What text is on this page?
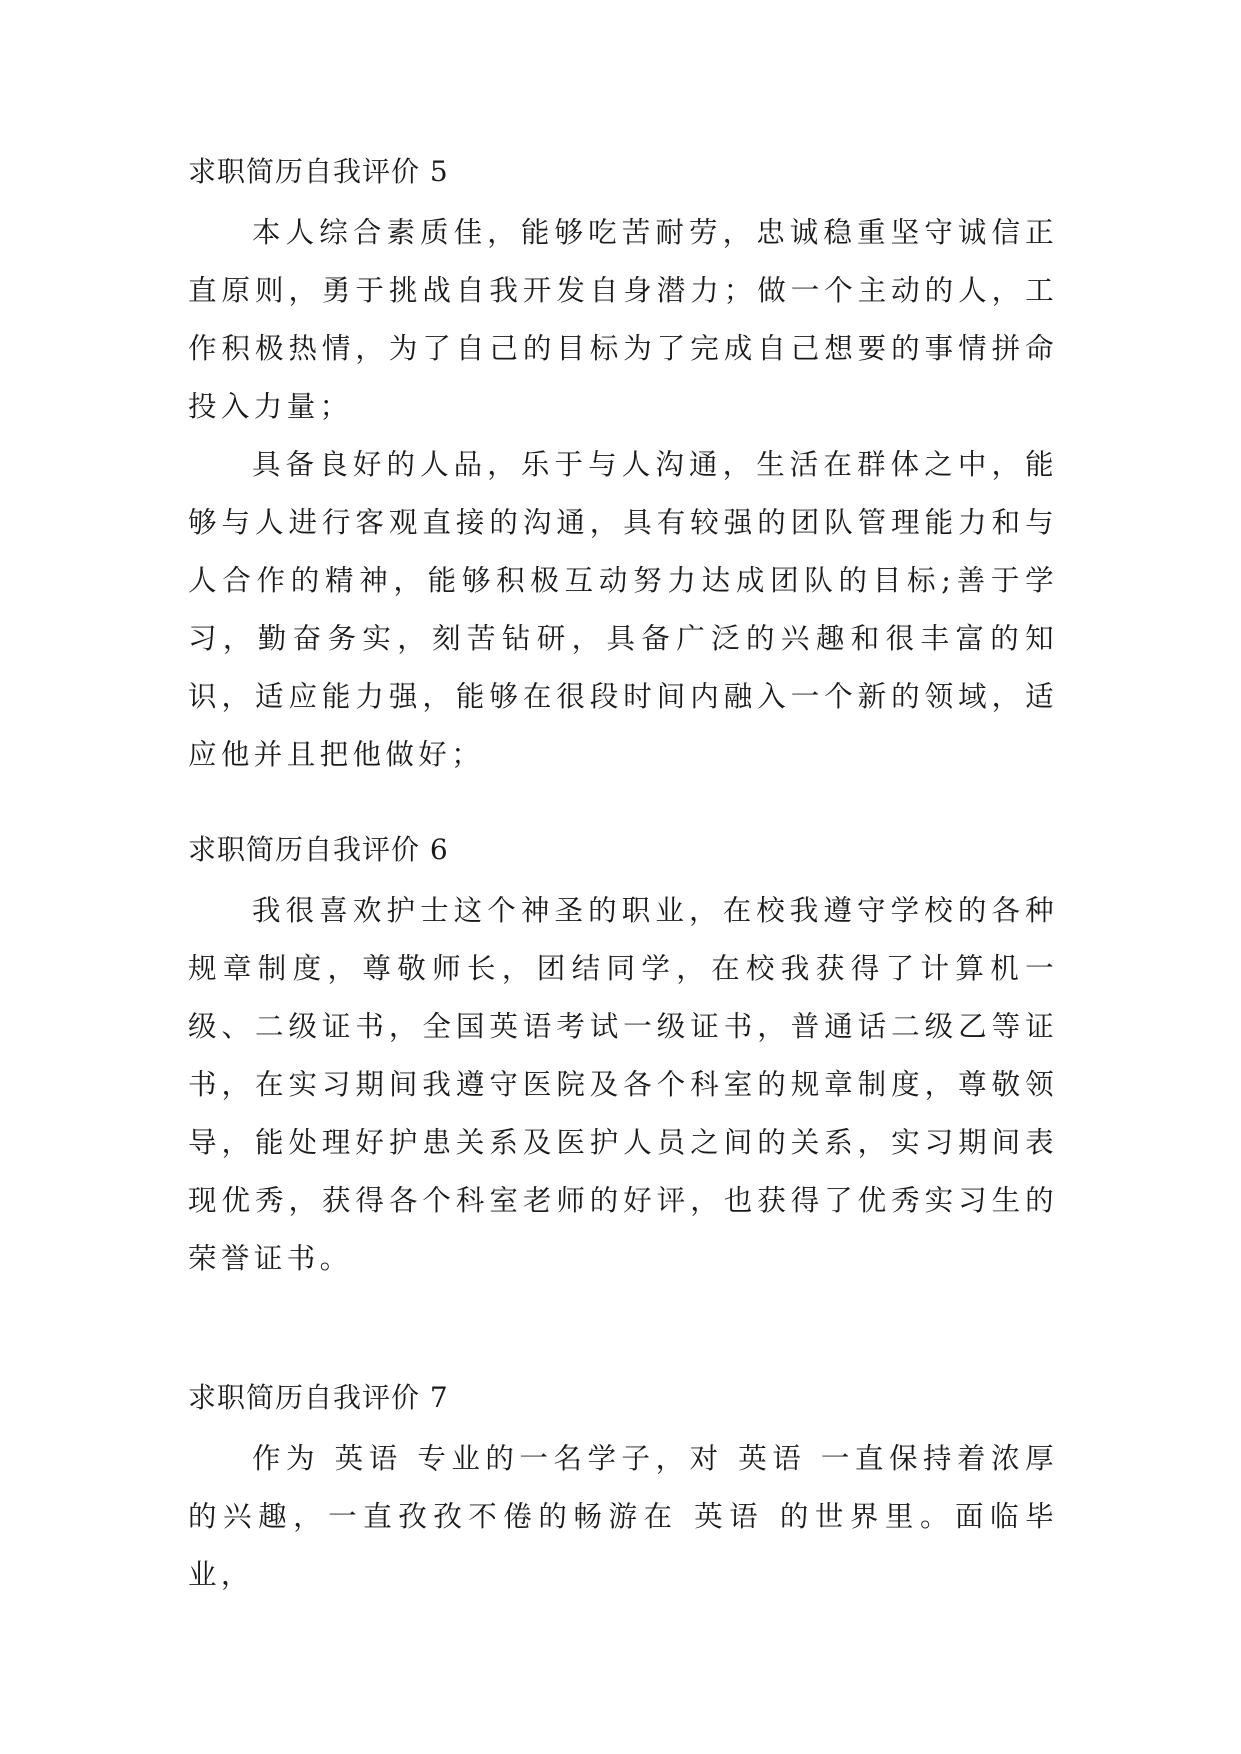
求职简历自我评价 5

本人综合素质佳，能够吃苦耐劳，忠诚稳重坚守诚信正直原则，勇于挑战自我开发自身潜力；做一个主动的人，工作积极热情，为了自己的目标为了完成自己想要的事情拼命投入力量；

具备良好的人品，乐于与人沟通，生活在群体之中，能够与人进行客观直接的沟通，具有较强的团队管理能力和与人合作的精神，能够积极互动努力达成团队的目标;善于学习，勤奋务实，刻苦钻研，具备广泛的兴趣和很丰富的知识，适应能力强，能够在很段时间内融入一个新的领域，适应他并且把他做好；

求职简历自我评价 6

我很喜欢护士这个神圣的职业，在校我遵守学校的各种规章制度，尊敬师长，团结同学，在校我获得了计算机一级、二级证书，全国英语考试一级证书，普通话二级乙等证书，在实习期间我遵守医院及各个科室的规章制度，尊敬领导，能处理好护患关系及医护人员之间的关系，实习期间表现优秀，获得各个科室老师的好评，也获得了优秀实习生的荣誉证书。

求职简历自我评价 7

作为 英语 专业的一名学子，对 英语 一直保持着浓厚的兴趣，一直孜孜不倦的畅游在 英语 的世界里。面临毕业，
